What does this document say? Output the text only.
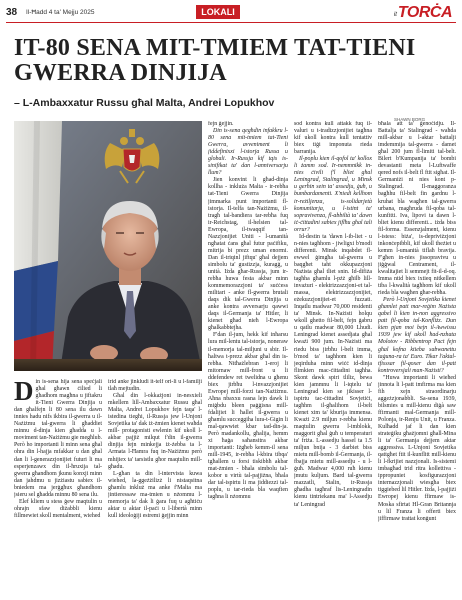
38 Il-Ħadd 4 ta' Mejju 2025	LOKALI	it TORĊA
IT-80 SENA MIT-TMIEM TAT-TIENI GWERRA DINJIJA
– L-Ambaxxatur Russu għal Malta, Andrei Lopukhov
SHAWN BORG

Din is-sena hija sena speċjali għal għawn ċilied li għadhom magħna u jiftakru it-Tieni Gwerra Dinjija u dan għalfejn li 80 sena ilu dawn innies hadu nifs ikbira il-gwerra u il-Nażiżmu tal-gwerra li għaddiet minnu d-dinja kien għadda u l-moviment tan-Nażiżmu gie megħlub. Però ho importanti li minn sena għal ohra din l-hajja mfakkar u dan għal dan li l-generazzjonijiet futuri li ma esperjenzawx din il-ħruxija tal-gwerra għandhom jkunu konxji minn dan jahdmu u jizżiastu sabiex il-bniedem ma jerġgħux għandhom jsieru sel għadda minnu 80 sena ilu.

Elef kliem u stess ġew maqtulin u ohrajn sfaw diżabbli kienu fillmewiet skoll mentalment, wiehed

irid anke jinkludi it-telf ori-li u l-familji tlaħ mejtudin.

Għal din l-okkażjoni in-nesxieli mkellem lill-Ambaxxatur Russu għal Malta, Andrei Lopukhov fejn taqa' l-istedina tiegħi, il-Russja jew l-Unjoni Sovjetika ta' dak iż-żmien kienet waħda mill- protagonisti ewlenin kif ukoll l-akbar pajjiż milqut f'din il-gwerra dinjija fejn minkejja iż-żebba ta l-Armata l-Ħamra fuq in-Nażiżmu però mhijiex ta' tarsistlu għor maqtulin mill-għadu.

L-għan ta din l-intervista kuwa wiehed, la-ggeżżilizż li nistaqsitna għamlu inkluż ma anke f'Malta ma jintieressaw ma-tmien u nżommu l-memorja ta' dak li ġara fuq u agħtiċu aktar u aktar il-paċi u l-libertà minn kull ideoloġiji estremi ġejjin minn

fejn ġejjin.

Din is-sena qegħdin infakkru l-80 sena mit-tmiem tat-Tieni Gwerra, avveniment li jiddefinixxi l-istorja Russa u globali. Ir-Russja kif tqis is-sinifikat ta' dan l-anniversarju llum?

Jien konvint li għad-dinja kollha - inkluża Malta - ir-rebħa tat-Tieni Gwerra Dinjija jimmarka punt importanti fl-istorja. Il-telfa tan-Nażiżmu, il-tragħ tal-bandiera tar-rebħa fuq ir-Reichstag, il-helsien tal-Ewropa, il-twaqqif tan-Nazzjonijiet Uniti - l-umanità ngħatat ċans għal futur paċifiku, mitrija bi prezz uman enormi. Dan il-triqinl jiftqu' għal dejjem simbolu ta' gustizzja, kuragġ, u unità. Iżda għar-Russja, jum ir-rebħa huwa festa akbar minn kommemorazzjoni ta' suċċess militari - anke fl-gwerra brutali daqs dik tal-Gwerra Dinjija u anke kontra avversarju qawwi daqs il-Ġermanja ta' Hitler, li kienet għad nieħ l-Ewropa għalkabbtejha.

F'dan il-jum, hekk kif inħarsu lura mil-lentu tal-istorja, noneraw il-memorja tal-miljuni u sbir. Il-ħaltwa t-prezz akbar għal din is-rebħa. Nitħażlebran 1-eroj li mitornaw mill-front u li ddefendew ret twelidna u għenu biex jirbħu l-invazzjonijiet Ewropej mill-forzi tan-Nażiżmu. Aħna nbaxxu rasna lejn dawk li miġbdu bleen paġġisna mill-fdalijiet li ħallet il-gwerra u għamlu succeggiha lura-t-Ġigin li mal-qawwiet kbar tad-din-ja. Però madankollu, għalija, hemm xi ħaġa saħansitra akbar importanti: Iżgħeb kemm-il sena mill-1945, ir-rebħa l-kbira tibqa' tgħallem u forsi tiskibhħ akbar mat-żmien - bħala simbolu tal-kobor u virtù tal-pajjiżna, bħala dar tal-ispirtu li ma jiddiezzi tal-poplu, u tar-rieda bla waqfien tagħna li nżommu

sod kontra kull attakk fuq il-valuri u t-tradizzjonijiet tagħna kif ukoll kontra kull tentattiv biex tiġi imponuta rieda barranija.

Il-poplu kien il-qofol ta' kollox li żamm sod. Ir-nemmnikk in-nies ċivili f'l bliet għal Leningrad, Stalingrad, u Minsk u gerħin sein ta' assedju, ġuħ, u bumbardamenti. X'niedi kellhom ir-reżiljenza, is-solidarjetà komunitarja, u l-istint ta' sopravivenza, fl-abbiltà ta' dawn iċ-ċittadini sabiex jiflħu għal tali orrur?

Id-destin ta 'dawn l-ib-liet - u n-nies tagħhom - jiwligxi b'modi differenti. Minsk inqabdet fl-ewwel ġimgħa tal-gwerra u baqgħet taht okkupazzjoni Nażista għal tliet snin. Id-difiża tagħha għamlu l-pżż għilb lill-invażuri - elektrizzazzjoni-et tal-massa, elektrizzazzjonijiet, eżekuzzjonijiet-et fuzzati. Inqatlu madwar 70,000 residenti ta' Minsk. In-Nażisti holqu wkoll ghetto fil-belt, fejn ġabru u qatlu madwar 80,000 Lhudi. Leningrad kienet assedjata għal kważi 900 jum. In-Nażisti ma riedu biss jirbħu l-belt imma, b'mod ta' tagħhom kien li jeqirduha minn wiċċ id-dinja flimkien mac-ċittadini tagħha. Skont dawk spiri tliliz, bewa kien jammnu li l-iqtelu ta' Leningrad kien se jikisser l-ispirtu tac-ċittadini Sovjetiċi, tagħhm il-għalihom il-belt kienet xim ta' kburija immensa. Kważi 2.9 miljun r-rebħa kienu maqtulin gwerra l-imblokk, maggorit għal ġuħ u temperaturi ta' friża. L-assedju hassel ta 1.5 miljun bnija - 3 darbiet biss mietu mill-bomb il-Ġermanja, il-fbajja mietu mill-assedju - u l-ġuħ. Madwar 4,000 ruħ kienu jmutu kuljum. Bard tal-gwerra mazzatli, Stalin, ir-Russja għadha tagħraf lis-Leningradin kienu tintriekanu ma' l-Assedju ta' Leningrad

bħala att ta' ġenoċidju. Il-Battalja ta' Stalingrad - waħda mill-akbar u l-aktar battalji imdemmija tal-gwerra - damet għal 200 jum fl-limiti tal-belt. Bilert b'Kumpanija ta' bombi devastanti meta l-Luftwaffe qered nofs il-belt fl ftit sigħat. Il-Ġermaniżi ni nies kont p-Stalingrad. Il-maggoranza bagħhu fil-belt fin gardnu l-kruhat bla wagħen tal-gwerra urbana, magħruda fil-qoba tal-kunfitti. Iva, lipovi ta dawn l-bliet kienu differenti... iżda biss fil-forma. Essenzjalment, kienu l-istess: biża', is-depriviżzjoni inkonċepibbli, kif ukoll theżiet u kemm l-umanità tiflaħ bravija. F'għen in-nies jissopravivu u jiġġwal Centrament, il-kwalitajiet li semmejt fit-il-d-oq. Imma ntid biex ixtieq nitkellem tiba l-kwalità tagħhom kif ukoll rieda bla wagħen għar-rebħa.

Però l-Unjoni Sovjetika kienet għamlet patt mar-reġim Nażista qabel li kien in-non aggressivo patt fil-qoba tal-Konfliżz. Dun kien pjan moi bejn il-Awwissu 1939 jew kif ukoll ħad-nzhata Molotov - Ribbentrop Pact fejn għal kofna ktieba sabwanettu taġuna-ra ta' Euro. Tikar l'aktal-tfisssar fil-qoxer dan il-patt kontroversjali man-Nażisti?

"Huwa importanti li wieħed jinnota li l-patt imfirma ma kien fih xejn straordinarju aggeżzjonabbli. Sa-sena 1939, bilsmies u mill-kienu diġà saw ffirmanti mal-Ġermanja mill-Polonja, ir-Renju Unit, u Franza. Kulħadd jaf li dan kien strateġiku għażjomni għall-Mina li ta' Ġermanja dejjem aktar aggressiva. L-Unjoni Sovjetika qattgħet ftit il-kunflitt mill-kienu li l-fkrijiet nazzjonali. Is-sistemi imbagħad trid ritra kollettiva - ippropuniet kosfigurazzjoni internazzjonali wiesgħa biex tiggiebed lil Hitler. Iżda, l-pajjiżi Ewropej kienu ffirmaw is-Moska sfirtat Hl-Gran Britannja u lil Franza li offerti biex jiffirmaw trattat konġunt
